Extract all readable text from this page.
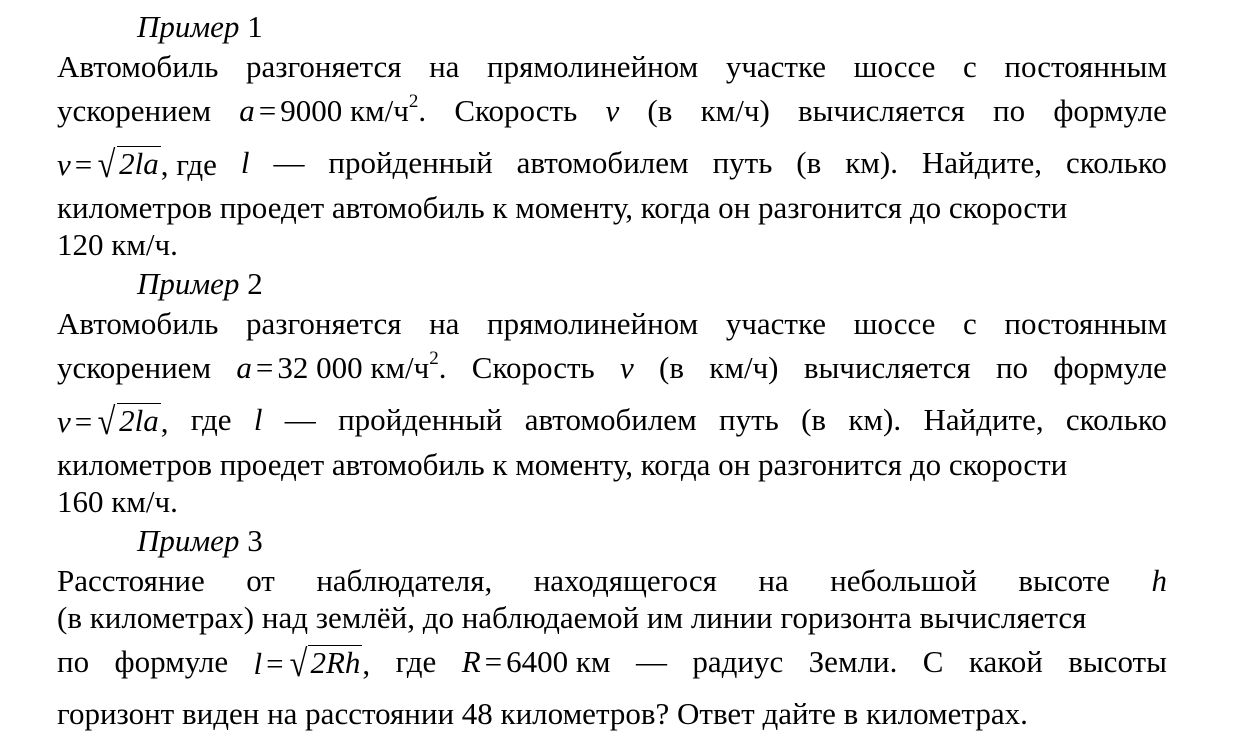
Пример 1
Автомобиль разгоняется на прямолинейном участке шоссе с постоянным
ускорением a = 9000 $км/ч^2$. Скорость v (в км/ч) вычисляется по формуле
v = √ 2la , где l — пройденный автомобилем путь (в км). Найдите, сколько
километров проедет автомобиль к моменту, когда он разгонится до скорости
120 км/ч.
Пример 2
Автомобиль разгоняется на прямолинейном участке шоссе с постоянным
ускорением a = 32 000 $км/ч^2$. Скорость v (в км/ч) вычисляется по формуле
v = √ 2la , где l — пройденный автомобилем путь (в км). Найдите, сколько
километров проедет автомобиль к моменту, когда он разгонится до скорости
160 км/ч.
Пример 3
Расстояние от наблюдателя, находящегося на небольшой высоте h
(в километрах) над землёй, до наблюдаемой им линии горизонта вычисляется
по формуле l = √ 2Rh , где R = 6400 км — радиус Земли. С какой высоты
горизонт виден на расстоянии 48 километров? Ответ дайте в километрах.
